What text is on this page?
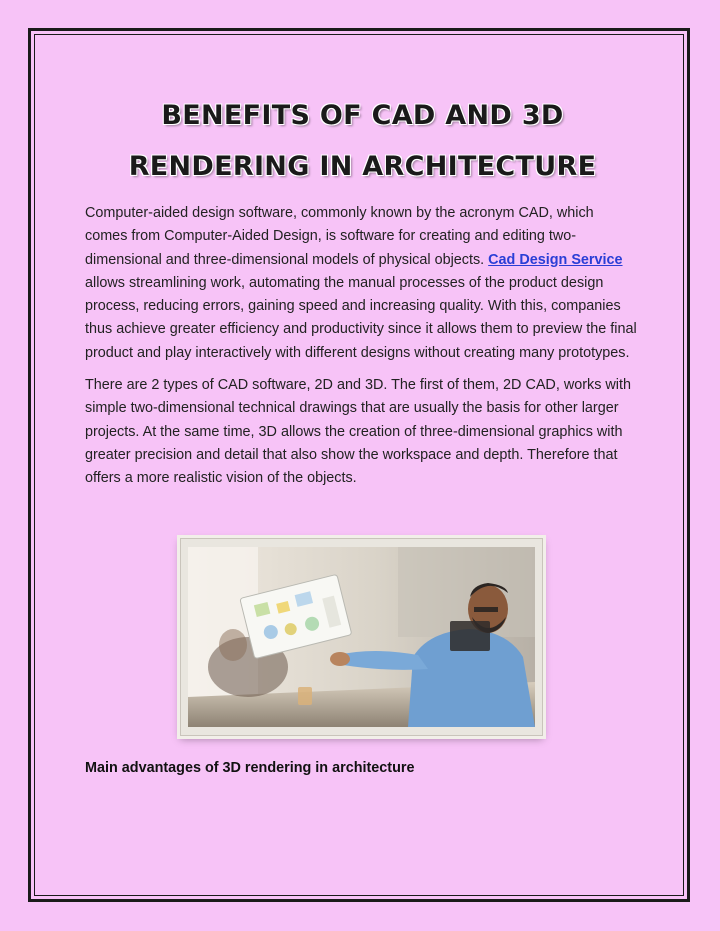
BENEFITS OF CAD AND 3D
RENDERING IN ARCHITECTURE

Computer-aided design software, commonly known by the acronym CAD, which comes from Computer-Aided Design, is software for creating and editing two-dimensional and three-dimensional models of physical objects. Cad Design Service allows streamlining work, automating the manual processes of the product design process, reducing errors, gaining speed and increasing quality. With this, companies thus achieve greater efficiency and productivity since it allows them to preview the final product and play interactively with different designs without creating many prototypes.

There are 2 types of CAD software, 2D and 3D. The first of them, 2D CAD, works with simple two-dimensional technical drawings that are usually the basis for other larger projects. At the same time, 3D allows the creation of three-dimensional graphics with greater precision and detail that also show the workspace and depth. Therefore that offers a more realistic vision of the objects.

Main advantages of 3D rendering in architecture
